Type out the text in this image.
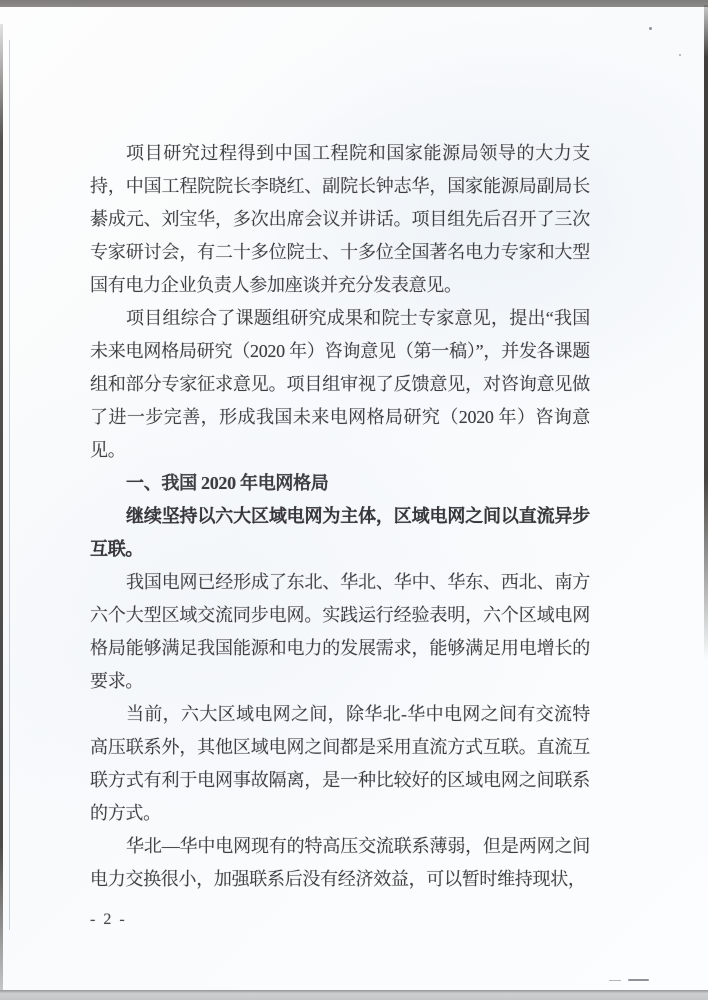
项目研究过程得到中国工程院和国家能源局领导的大力支持，中国工程院院长李晓红、副院长钟志华，国家能源局副局长綦成元、刘宝华，多次出席会议并讲话。项目组先后召开了三次专家研讨会，有二十多位院士、十多位全国著名电力专家和大型国有电力企业负责人参加座谈并充分发表意见。

项目组综合了课题组研究成果和院士专家意见，提出“我国未来电网格局研究（2020 年）咨询意见（第一稿）”，并发各课题组和部分专家征求意见。项目组审视了反馈意见，对咨询意见做了进一步完善，形成我国未来电网格局研究（2020 年）咨询意见。

一、我国 2020 年电网格局

继续坚持以六大区域电网为主体，区域电网之间以直流异步互联。

我国电网已经形成了东北、华北、华中、华东、西北、南方六个大型区域交流同步电网。实践运行经验表明，六个区域电网格局能够满足我国能源和电力的发展需求，能够满足用电增长的要求。

当前，六大区域电网之间，除华北-华中电网之间有交流特高压联系外，其他区域电网之间都是采用直流方式互联。直流互联方式有利于电网事故隔离，是一种比较好的区域电网之间联系的方式。

华北—华中电网现有的特高压交流联系薄弱，但是两网之间电力交换很小，加强联系后没有经济效益，可以暂时维持现状，

- 2 -
